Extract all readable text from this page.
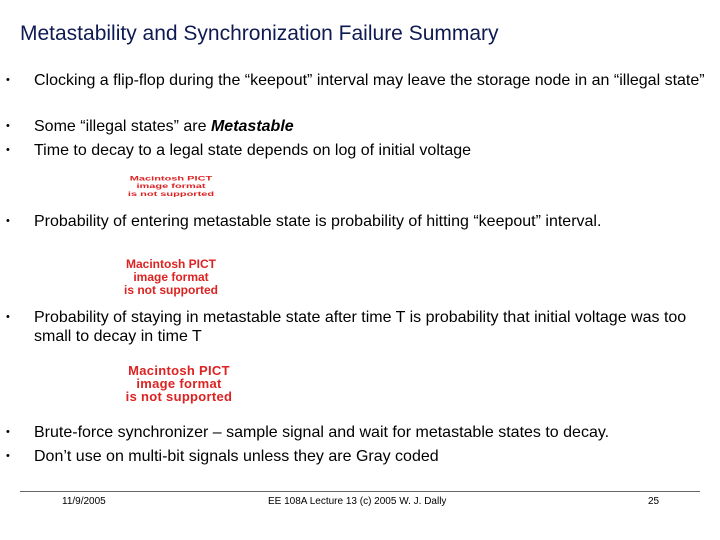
Metastability and Synchronization Failure Summary
• Clocking a flip-flop during the “keepout” interval may leave the storage node in an “illegal state”
• Some “illegal states” are Metastable
• Time to decay to a legal state depends on log of initial voltage
Macintosh PICT
image format
is not supported
• Probability of entering metastable state is probability of hitting “keepout” interval.
Macintosh PICT
image format
is not supported
• Probability of staying in metastable state after time T is probability that initial voltage was too small to decay in time T
Macintosh PICT
image format
is not supported
• Brute-force synchronizer – sample signal and wait for metastable states to decay.
• Don’t use on multi-bit signals unless they are Gray coded
11/9/2005	EE 108A Lecture 13 (c) 2005 W. J. Dally	25
